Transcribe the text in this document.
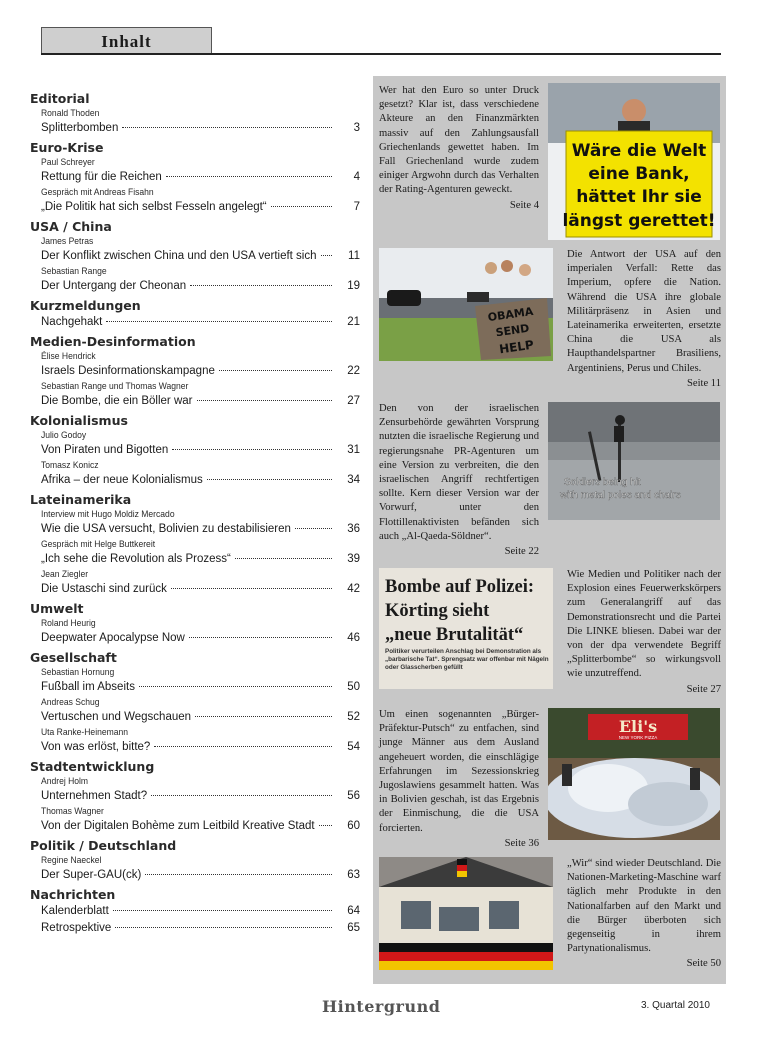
Inhalt
Editorial
Ronald Thoden
Splitterbomben	3
Euro-Krise
Paul Schreyer
Rettung für die Reichen	4
Gespräch mit Andreas Fisahn
„Die Politik hat sich selbst Fesseln angelegt“	7
USA / China
James Petras
Der Konflikt zwischen China und den USA vertieft sich	11
Sebastian Range
Der Untergang der Cheonan	19
Kurzmeldungen
Nachgehakt	21
Medien-Desinformation
Élise Hendrick
Israels Desinformationskampagne	22
Sebastian Range und Thomas Wagner
Die Bombe, die ein Böller war	27
Kolonialismus
Julio Godoy
Von Piraten und Bigotten	31
Tomasz Konicz
Afrika – der neue Kolonialismus	34
Lateinamerika
Interview mit Hugo Moldiz Mercado
Wie die USA versucht, Bolivien zu destabilisieren	36
Gespräch mit Helge Buttkereit
„Ich sehe die Revolution als Prozess“	39
Jean Ziegler
Die Ustaschi sind zurück	42
Umwelt
Roland Heurig
Deepwater Apocalypse Now	46
Gesellschaft
Sebastian Hornung
Fußball im Abseits	50
Andreas Schug
Vertuschen und Wegschauen	52
Uta Ranke-Heinemann
Von was erlöst, bitte?	54
Stadtentwicklung
Andrej Holm
Unternehmen Stadt?	56
Thomas Wagner
Von der Digitalen Bohème zum Leitbild Kreative Stadt	60
Politik / Deutschland
Regine Naeckel
Der Super-GAU(ck)	63
Nachrichten
Kalenderblatt	64
Retrospektive	65
Wer hat den Euro so unter Druck gesetzt? Klar ist, dass verschiedene Akteure an den Finanzmärkten massiv auf den Zahlungsausfall Griechenlands gewettet haben. Im Fall Griechenland wurde zudem einiger Argwohn durch das Verhalten der Rating-Agenturen geweckt.
Seite 4
Wäre die Welt
eine Bank,
hättet Ihr sie
längst gerettet!
OBAMA
SEND
HELP
Die Antwort der USA auf den imperialen Verfall: Rette das Imperium, opfere die Nation. Während die USA ihre globale Militärpräsenz in Asien und Lateinamerika erweiterten, ersetzte China die USA als Haupthandelspartner Brasiliens, Argentiniens, Perus und Chiles.
Seite 11
Den von der israelischen Zensurbehörde gewährten Vorsprung nutzten die israelische Regierung und regierungsnahe PR-Agenturen um eine Version zu verbreiten, die den israelischen Angriff rechtfertigen sollte. Kern dieser Version war der Vorwurf, unter den Flottillenaktivisten befänden sich auch „Al-Qaeda-Söldner“.
Seite 22
Soldiers being hit
with metal poles and chairs
Bombe auf Polizei:
Körting sieht
„neue Brutalität“
Politiker verurteilen Anschlag bei Demonstration als „barbarische Tat“. Sprengsatz war offenbar mit Nägeln oder Glasscherben gefüllt
Wie Medien und Politiker nach der Explosion eines Feuerwerkskörpers zum Generalangriff auf das Demonstrationsrecht und die Partei Die LINKE bliesen. Dabei war der von der dpa verwendete Begriff „Splitterbombe“ so wirkungsvoll wie unzutreffend.
Seite 27
Um einen sogenannten „Bürger-Präfektur-Putsch“ zu entfachen, sind junge Männer aus dem Ausland angeheuert worden, die einschlägige Erfahrungen im Sezessionskrieg Jugoslawiens gesammelt hatten. Was in Bolivien geschah, ist das Ergebnis der Einmischung, die die USA forcierten.
Seite 36
Eli's
NEW YORK PIZZA
„Wir“ sind wieder Deutschland. Die Nationen-Marketing-Maschine warf täglich mehr Produkte in den Nationalfarben auf den Markt und die Bürger überboten sich gegenseitig in ihrem Partynationalismus.
Seite 50
Hintergrund	3. Quartal 2010
